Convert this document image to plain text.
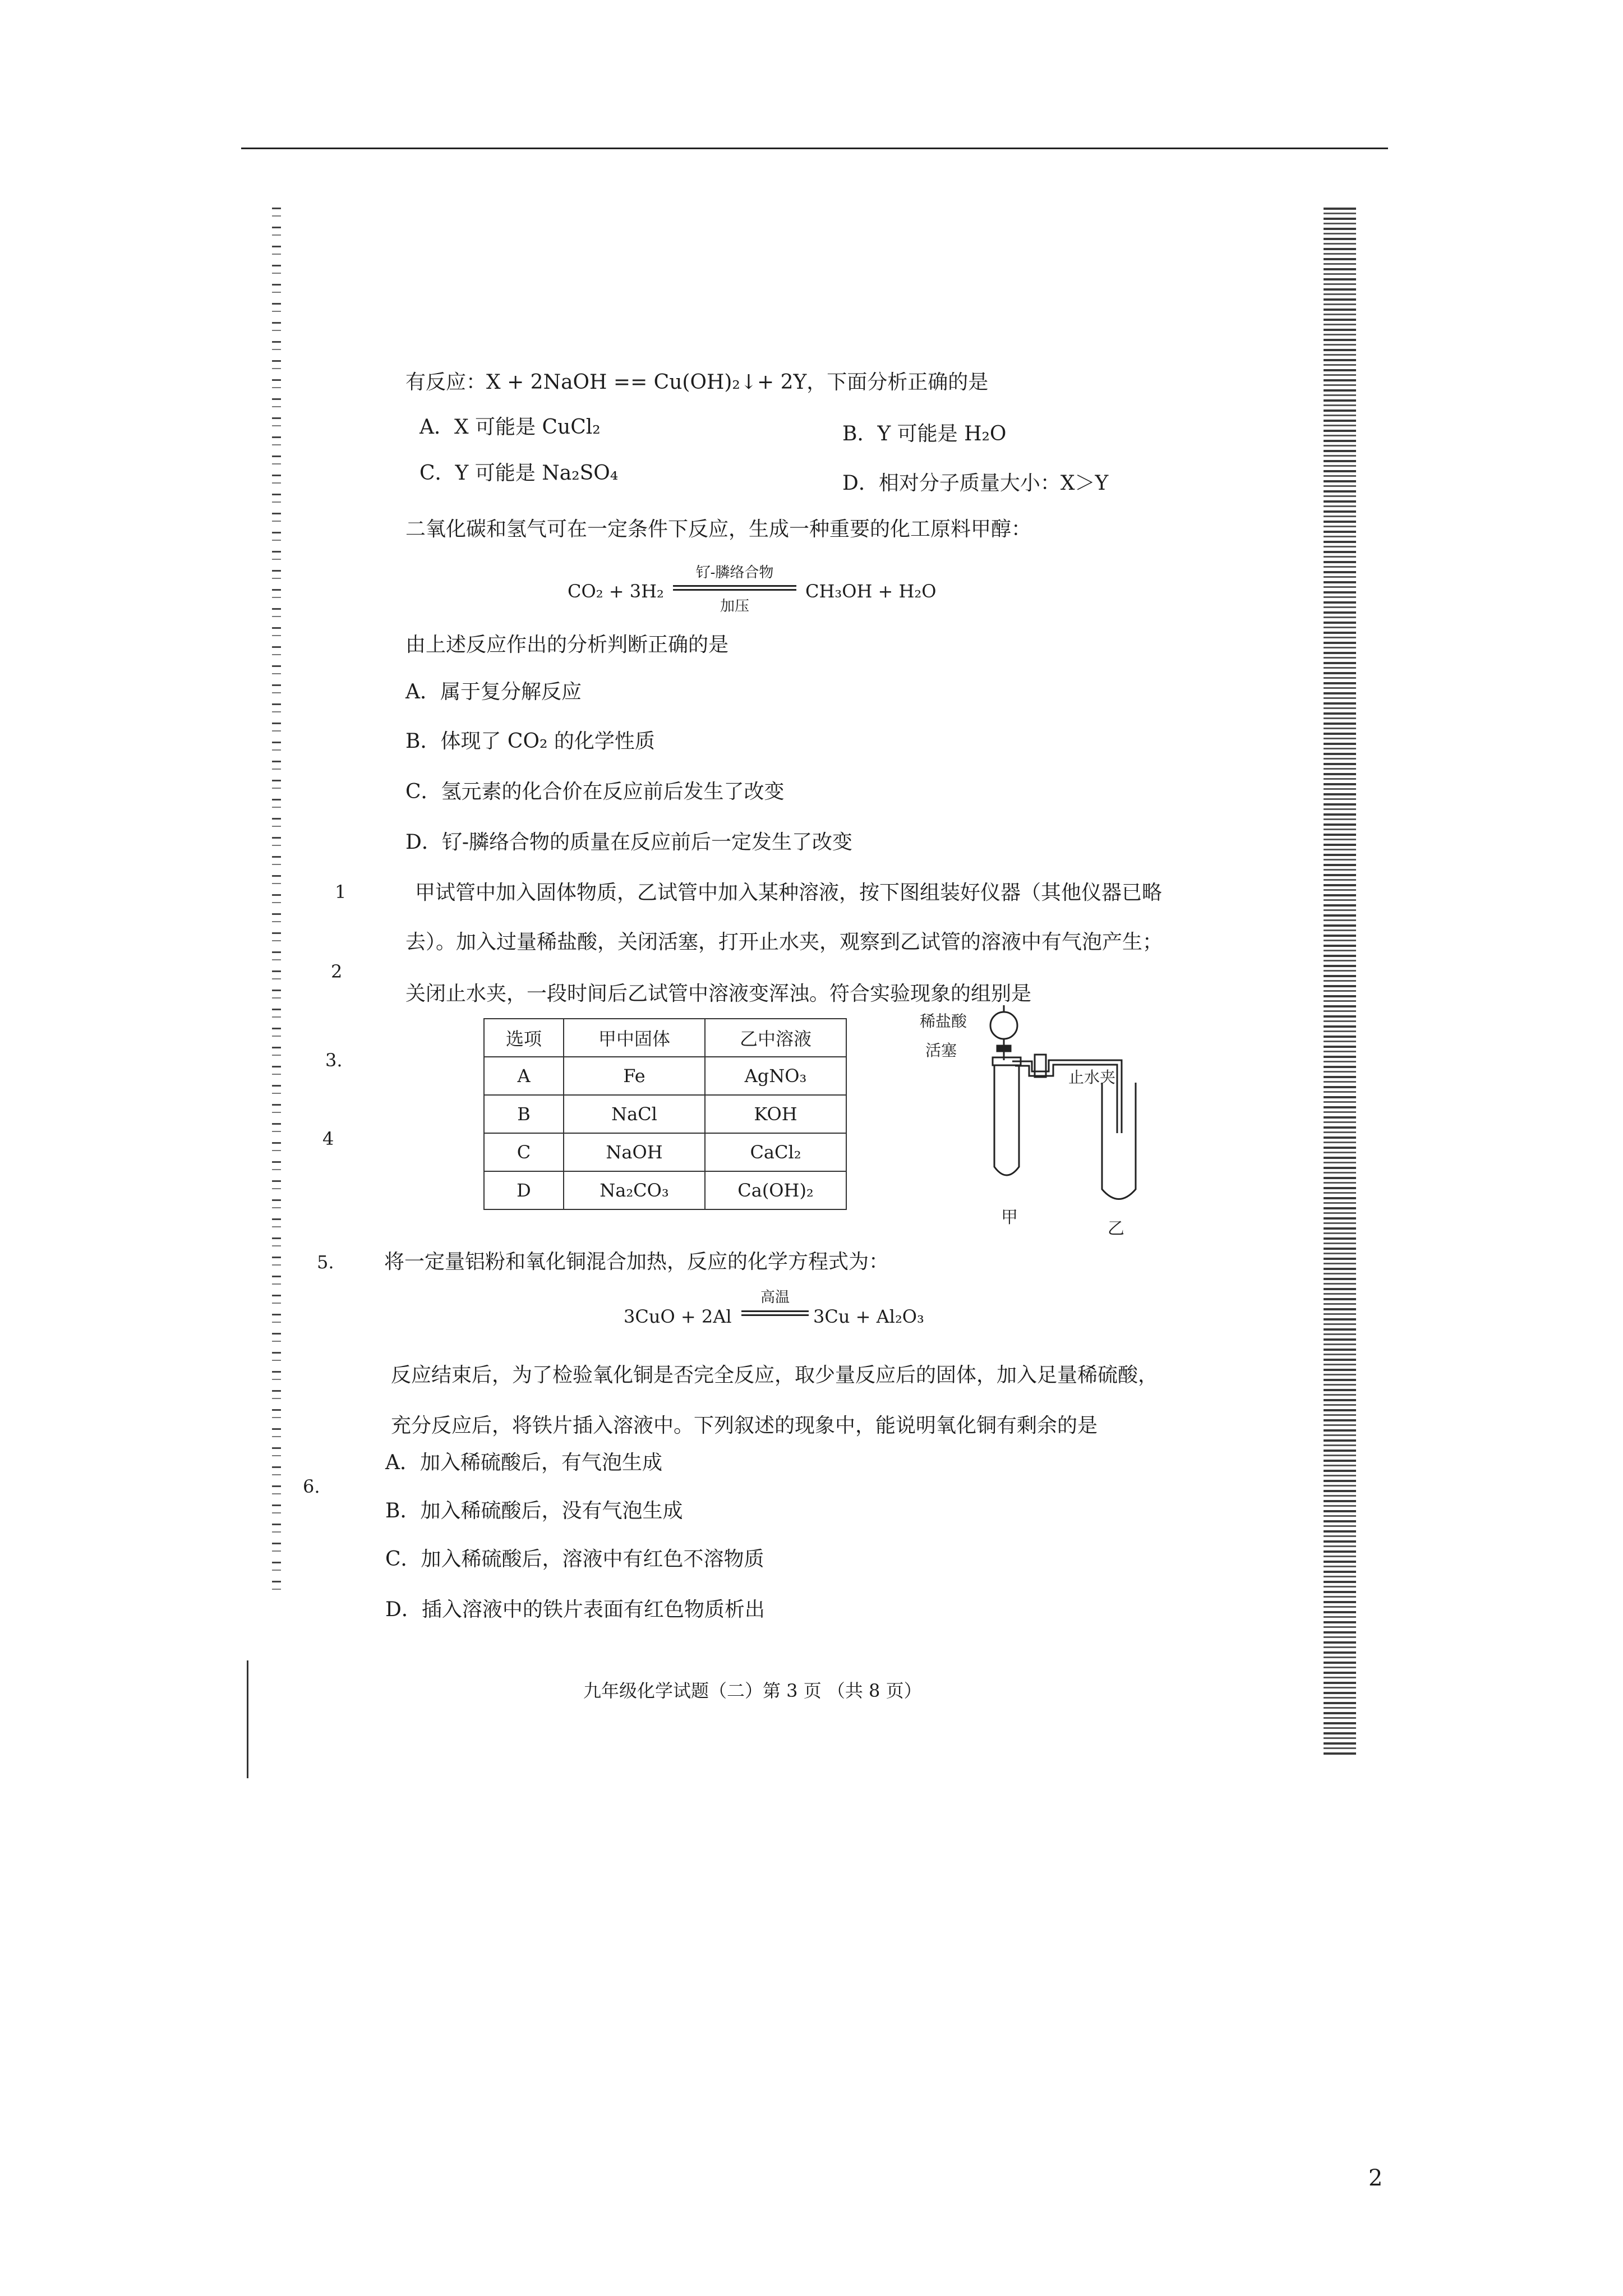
1
2
3.
4
5.
6.
有反应：X + 2NaOH == Cu(OH)₂↓+ 2Y，下面分析正确的是
A．X 可能是 CuCl₂	B．Y 可能是 H₂O
C．Y 可能是 Na₂SO₄	D．相对分子质量大小：X＞Y
二氧化碳和氢气可在一定条件下反应，生成一种重要的化工原料甲醇：
CO₂ + 3H₂
钌-膦络合物
加压
CH₃OH + H₂O
由上述反应作出的分析判断正确的是
A．属于复分解反应
B．体现了 CO₂ 的化学性质
C．氢元素的化合价在反应前后发生了改变
D．钌-膦络合物的质量在反应前后一定发生了改变
甲试管中加入固体物质，乙试管中加入某种溶液，按下图组装好仪器（其他仪器已略
去）。加入过量稀盐酸，关闭活塞，打开止水夹，观察到乙试管的溶液中有气泡产生；
关闭止水夹，一段时间后乙试管中溶液变浑浊。符合实验现象的组别是
选项	甲中固体	乙中溶液
A	Fe	AgNO₃
B	NaCl	KOH
C	NaOH	CaCl₂
D	Na₂CO₃	Ca(OH)₂
稀盐酸
活塞
止水夹
甲
乙
将一定量铝粉和氧化铜混合加热，反应的化学方程式为：
3CuO + 2Al
高温
3Cu + Al₂O₃
反应结束后，为了检验氧化铜是否完全反应，取少量反应后的固体，加入足量稀硫酸，
充分反应后，将铁片插入溶液中。下列叙述的现象中，能说明氧化铜有剩余的是
A．加入稀硫酸后，有气泡生成
B．加入稀硫酸后，没有气泡生成
C．加入稀硫酸后，溶液中有红色不溶物质
D．插入溶液中的铁片表面有红色物质析出
九年级化学试题（二）第 3 页 （共 8 页）
2
